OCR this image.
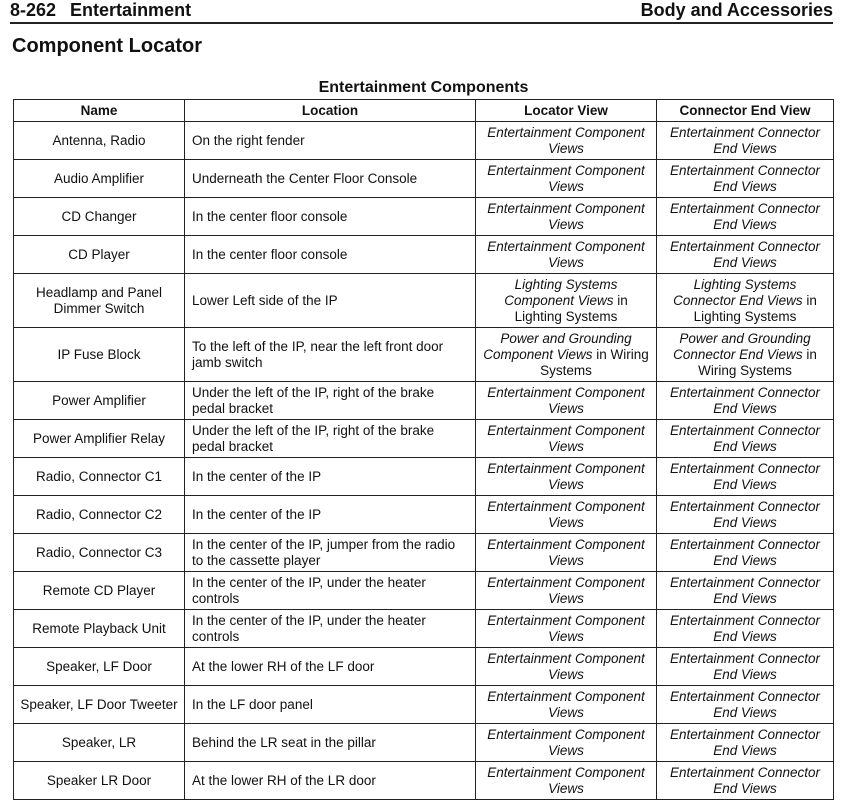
8-262 Entertainment	Body and Accessories
Component Locator
Entertainment Components
Name	Location	Locator View	Connector End View
Antenna, Radio	On the right fender	Entertainment Component Views	Entertainment Connector End Views
Audio Amplifier	Underneath the Center Floor Console	Entertainment Component Views	Entertainment Connector End Views
CD Changer	In the center floor console	Entertainment Component Views	Entertainment Connector End Views
CD Player	In the center floor console	Entertainment Component Views	Entertainment Connector End Views
Headlamp and Panel Dimmer Switch	Lower Left side of the IP	Lighting Systems Component Views in Lighting Systems	Lighting Systems Connector End Views in Lighting Systems
IP Fuse Block	To the left of the IP, near the left front door jamb switch	Power and Grounding Component Views in Wiring Systems	Power and Grounding Connector End Views in Wiring Systems
Power Amplifier	Under the left of the IP, right of the brake pedal bracket	Entertainment Component Views	Entertainment Connector End Views
Power Amplifier Relay	Under the left of the IP, right of the brake pedal bracket	Entertainment Component Views	Entertainment Connector End Views
Radio, Connector C1	In the center of the IP	Entertainment Component Views	Entertainment Connector End Views
Radio, Connector C2	In the center of the IP	Entertainment Component Views	Entertainment Connector End Views
Radio, Connector C3	In the center of the IP, jumper from the radio to the cassette player	Entertainment Component Views	Entertainment Connector End Views
Remote CD Player	In the center of the IP, under the heater controls	Entertainment Component Views	Entertainment Connector End Views
Remote Playback Unit	In the center of the IP, under the heater controls	Entertainment Component Views	Entertainment Connector End Views
Speaker, LF Door	At the lower RH of the LF door	Entertainment Component Views	Entertainment Connector End Views
Speaker, LF Door Tweeter	In the LF door panel	Entertainment Component Views	Entertainment Connector End Views
Speaker, LR	Behind the LR seat in the pillar	Entertainment Component Views	Entertainment Connector End Views
Speaker LR Door	At the lower RH of the LR door	Entertainment Component Views	Entertainment Connector End Views
